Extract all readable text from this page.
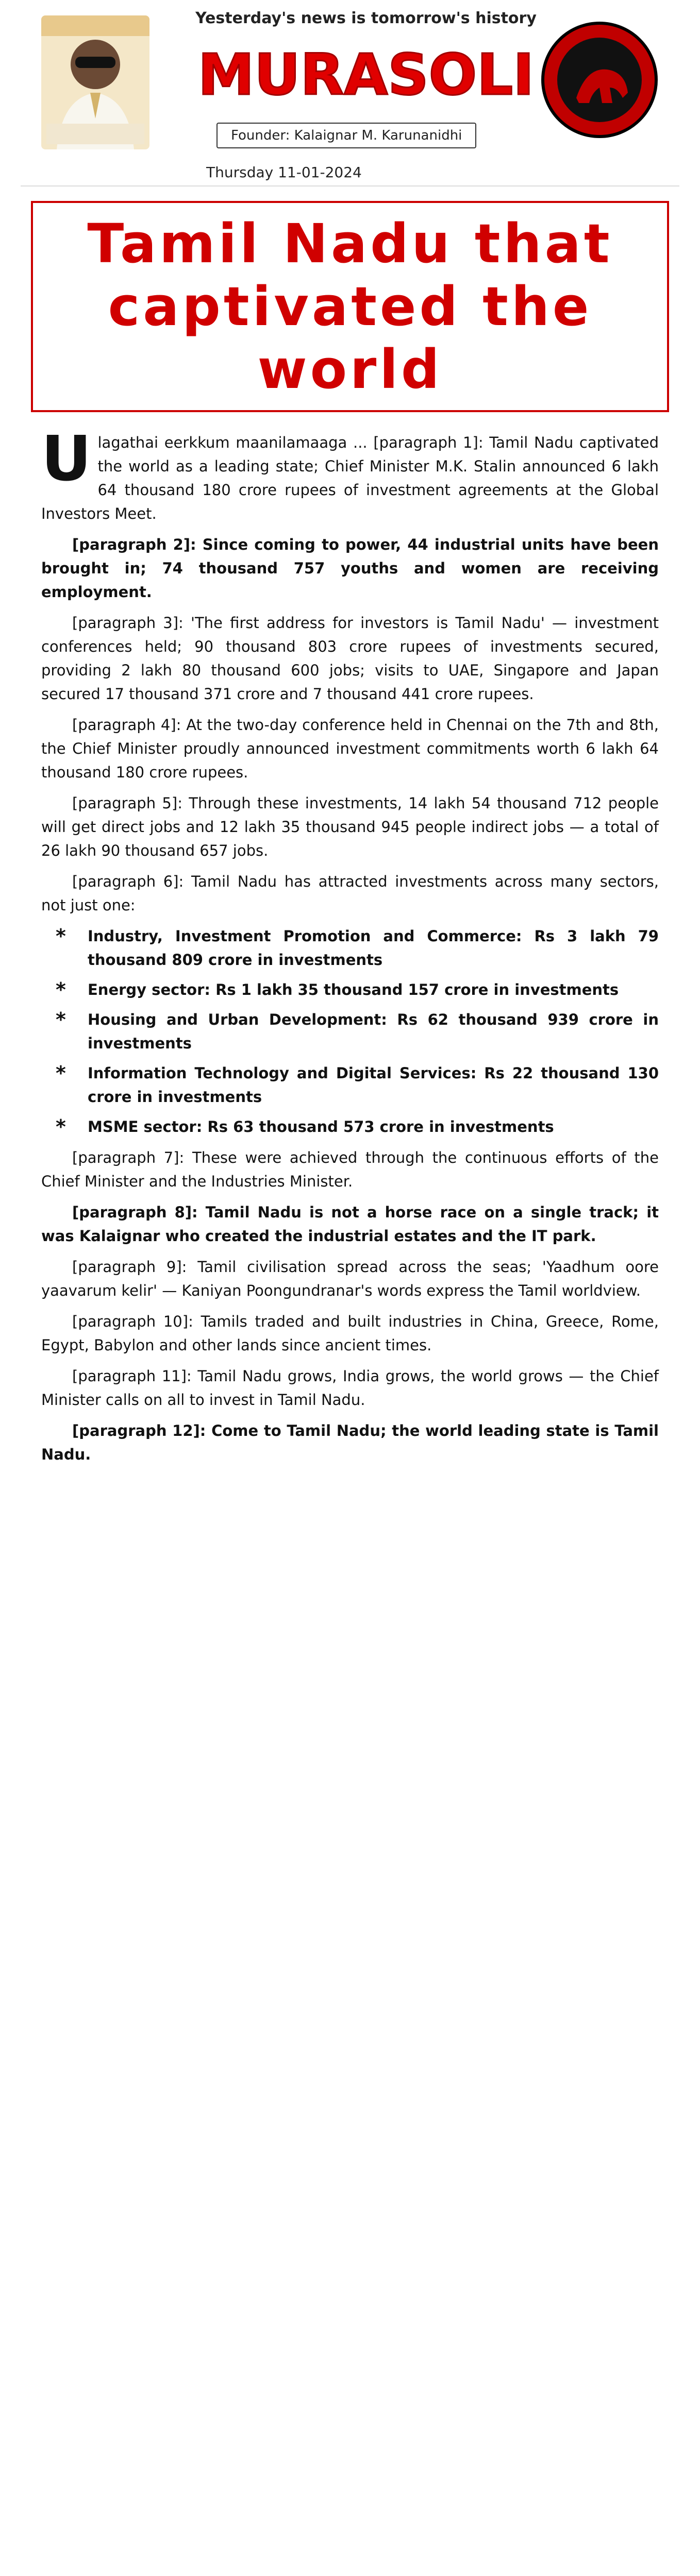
Yesterday's news is tomorrow's history
MURASOLI
Founder: Kalaignar M. Karunanidhi
Thursday 11-01-2024
Tamil Nadu that captivated the world

Ulagathai eerkkum maanilamaaga ... [paragraph 1]: Tamil Nadu captivated the world as a leading state; Chief Minister M.K. Stalin announced 6 lakh 64 thousand 180 crore rupees of investment agreements at the Global Investors Meet.

[paragraph 2]: Since coming to power, 44 industrial units have been brought in; 74 thousand 757 youths and women are receiving employment.

[paragraph 3]: 'The first address for investors is Tamil Nadu' — investment conferences held; 90 thousand 803 crore rupees of investments secured, providing 2 lakh 80 thousand 600 jobs; visits to UAE, Singapore and Japan secured 17 thousand 371 crore and 7 thousand 441 crore rupees.

[paragraph 4]: At the two-day conference held in Chennai on the 7th and 8th, the Chief Minister proudly announced investment commitments worth 6 lakh 64 thousand 180 crore rupees.

[paragraph 5]: Through these investments, 14 lakh 54 thousand 712 people will get direct jobs and 12 lakh 35 thousand 945 people indirect jobs — a total of 26 lakh 90 thousand 657 jobs.

[paragraph 6]: Tamil Nadu has attracted investments across many sectors, not just one:

* Industry, Investment Promotion and Commerce: Rs 3 lakh 79 thousand 809 crore in investments
* Energy sector: Rs 1 lakh 35 thousand 157 crore in investments
* Housing and Urban Development: Rs 62 thousand 939 crore in investments
* Information Technology and Digital Services: Rs 22 thousand 130 crore in investments
* MSME sector: Rs 63 thousand 573 crore in investments

[paragraph 7]: These were achieved through the continuous efforts of the Chief Minister and the Industries Minister.

[paragraph 8]: Tamil Nadu is not a horse race on a single track; it was Kalaignar who created the industrial estates and the IT park.

[paragraph 9]: Tamil civilisation spread across the seas; 'Yaadhum oore yaavarum kelir' — Kaniyan Poongundranar's words express the Tamil worldview.

[paragraph 10]: Tamils traded and built industries in China, Greece, Rome, Egypt, Babylon and other lands since ancient times.

[paragraph 11]: Tamil Nadu grows, India grows, the world grows — the Chief Minister calls on all to invest in Tamil Nadu.

[paragraph 12]: Come to Tamil Nadu; the world leading state is Tamil Nadu.
